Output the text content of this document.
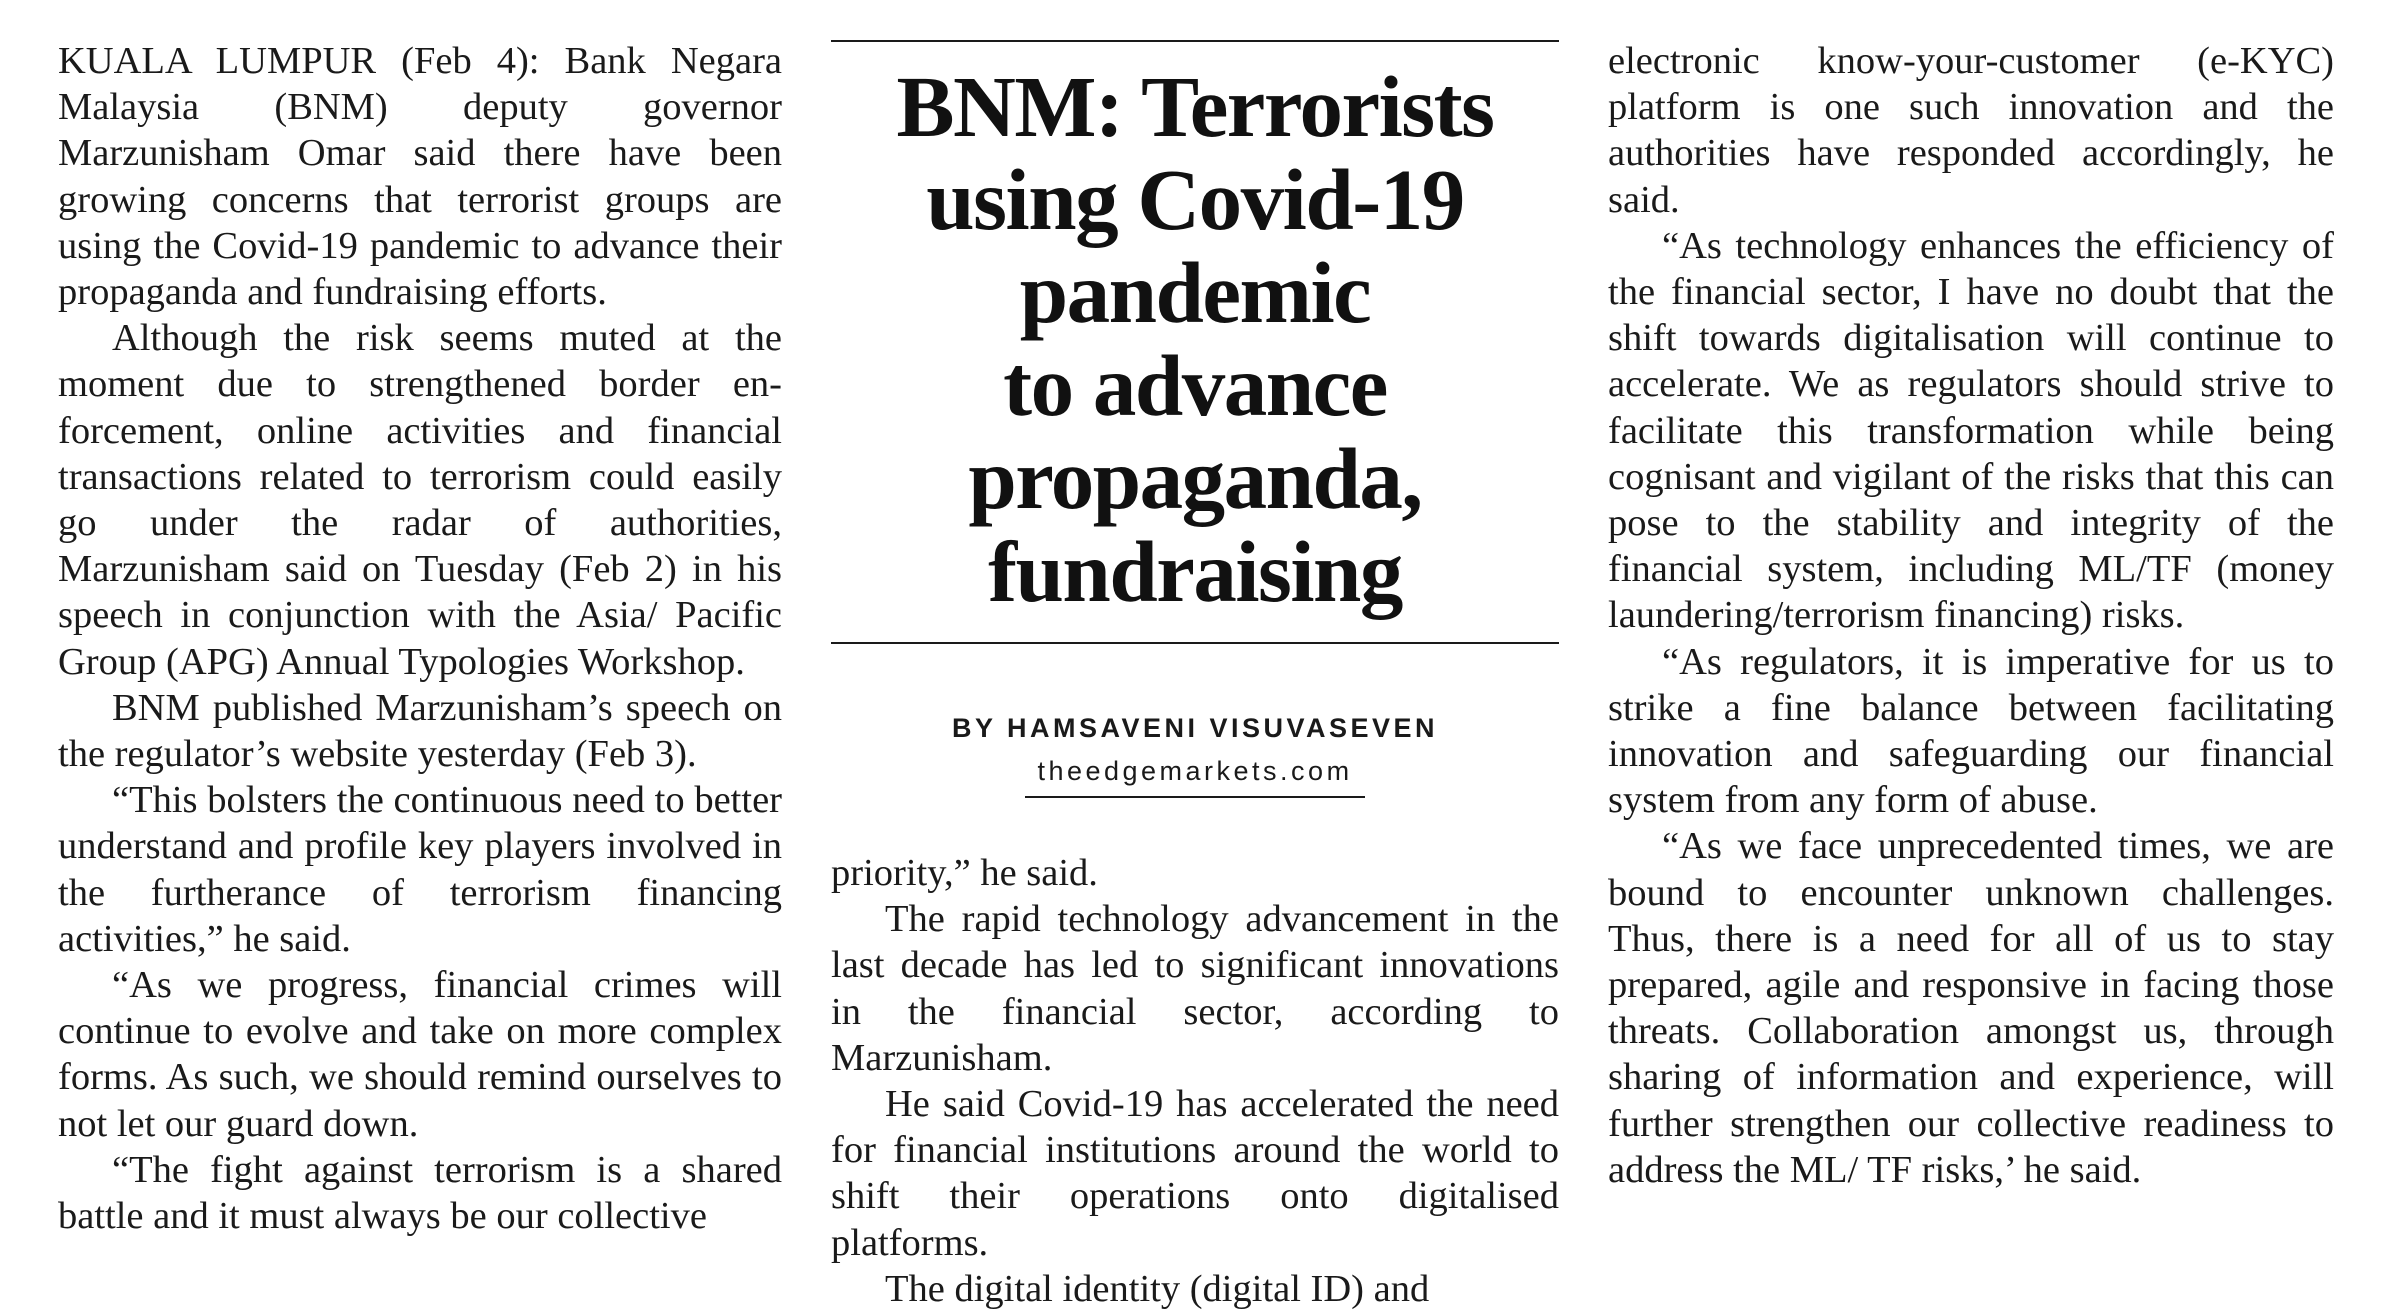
KUALA LUMPUR (Feb 4): Bank Negara Malaysia (BNM) deputy governor Marzunisham Omar said there have been growing concerns that terrorist groups are using the Covid-19 pandemic to advance their propaganda and fundraising efforts.

Although the risk seems muted at the moment due to strengthened border enforcement, online activities and financial transactions related to terrorism could easily go under the radar of authorities, Marzunisham said on Tuesday (Feb 2) in his speech in conjunction with the Asia/ Pacific Group (APG) Annual Typologies Workshop.

BNM published Marzunisham’s speech on the regulator’s website yesterday (Feb 3).

“This bolsters the continuous need to better understand and profile key players involved in the furtherance of terrorism financing activities,” he said.

“As we progress, financial crimes will continue to evolve and take on more complex forms. As such, we should remind ourselves to not let our guard down.

“The fight against terrorism is a shared battle and it must always be our collective

BNM: Terrorists
using Covid-19
pandemic
to advance
propaganda,
fundraising
BY HAMSAVENI VISUVASEVEN
theedgemarkets.com

priority,” he said.

The rapid technology advancement in the last decade has led to significant innovations in the financial sector, according to Marzunisham.

He said Covid-19 has accelerated the need for financial institutions around the world to shift their operations onto digitalised platforms.

The digital identity (digital ID) and

electronic know-your-customer (e-KYC) platform is one such innovation and the authorities have responded accordingly, he said.

“As technology enhances the efficiency of the financial sector, I have no doubt that the shift towards digitalisation will continue to accelerate. We as regulators should strive to facilitate this transformation while being cognisant and vigilant of the risks that this can pose to the stability and integrity of the financial system, including ML/TF (money laundering/terrorism financing) risks.

“As regulators, it is imperative for us to strike a fine balance between facilitating innovation and safeguarding our financial system from any form of abuse.

“As we face unprecedented times, we are bound to encounter unknown challenges. Thus, there is a need for all of us to stay prepared, agile and responsive in facing those threats. Collaboration amongst us, through sharing of information and experience, will further strengthen our collective readiness to address the ML/ TF risks,’ he said.
